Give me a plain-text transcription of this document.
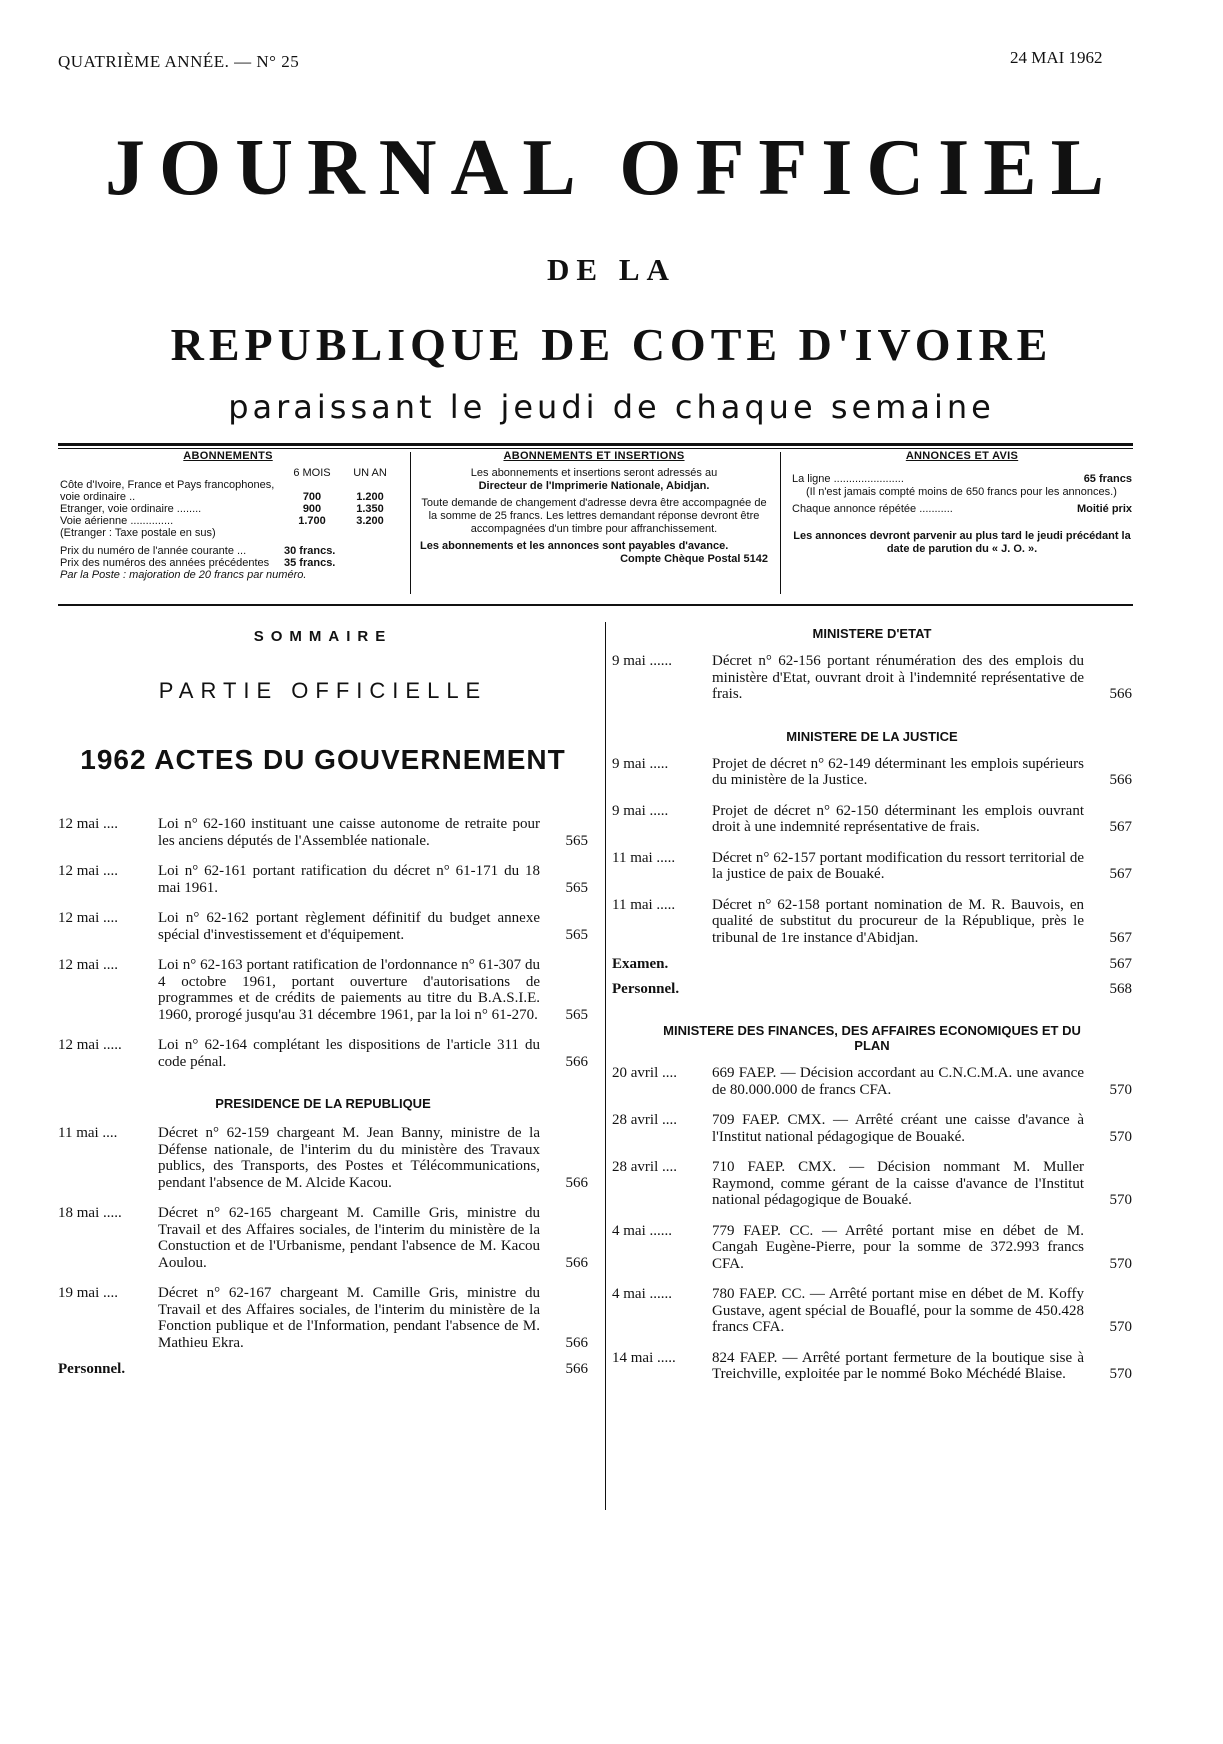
QUATRIÈME ANNÉE. — N° 25	24 MAI 1962
JOURNAL OFFICIEL
DE LA
REPUBLIQUE DE COTE D'IVOIRE
paraissant le jeudi de chaque semaine
ABONNEMENTS
	6 MOIS	UN AN
Côte d'Ivoire, France et Pays francophones, voie ordinaire ..	700	1.200
Etranger, voie ordinaire ........	900	1.350
Voie aérienne ..............	1.700	3.200
(Etranger : Taxe postale en sus)		

Prix du numéro de l'année courante ...	30 francs.	
Prix des numéros des années précédentes	35 francs.	
Par la Poste : majoration de 20 francs par numéro.		
ABONNEMENTS ET INSERTIONS

Les abonnements et insertions seront adressés au

Directeur de l'Imprimerie Nationale, Abidjan.

Toute demande de changement d'adresse devra être accompagnée de la somme de 25 francs. Les lettres demandant réponse devront être accompagnées d'un timbre pour affranchissement.

Les abonnements et les annonces sont payables d'avance.

Compte Chèque Postal 5142

ANNONCES ET AVIS
La ligne .......................	65 francs

(Il n'est jamais compté moins de 650 francs pour les annonces.)

Chaque annonce répétée ...........	Moitié prix

Les annonces devront parvenir au plus tard le jeudi précédant la date de parution du « J. O. ».

SOMMAIRE
PARTIE OFFICIELLE
1962 ACTES DU GOUVERNEMENT
12 mai ....	Loi n° 62-160 instituant une caisse autonome de retraite pour les anciens députés de l'Assemblée nationale.	565
12 mai ....	Loi n° 62-161 portant ratification du décret n° 61-171 du 18 mai 1961.	565
12 mai ....	Loi n° 62-162 portant règlement définitif du budget annexe spécial d'investissement et d'équipement.	565
12 mai ....	Loi n° 62-163 portant ratification de l'ordonnance n° 61-307 du 4 octobre 1961, portant ouverture d'autorisations de programmes et de crédits de paiements au titre du B.A.S.I.E. 1960, prorogé jusqu'au 31 décembre 1961, par la loi n° 61-270.	565
12 mai .....	Loi n° 62-164 complétant les dispositions de l'article 311 du code pénal.	566
PRESIDENCE DE LA REPUBLIQUE
11 mai ....	Décret n° 62-159 chargeant M. Jean Banny, ministre de la Défense nationale, de l'interim du du ministère des Travaux publics, des Transports, des Postes et Télécommunications, pendant l'absence de M. Alcide Kacou.	566
18 mai .....	Décret n° 62-165 chargeant M. Camille Gris, ministre du Travail et des Affaires sociales, de l'interim du ministère de la Constuction et de l'Urbanisme, pendant l'absence de M. Kacou Aoulou.	566
19 mai ....	Décret n° 62-167 chargeant M. Camille Gris, ministre du Travail et des Affaires sociales, de l'interim du ministère de la Fonction publique et de l'Information, pendant l'absence de M. Mathieu Ekra.	566
Personnel.	566
MINISTERE D'ETAT
9 mai ......	Décret n° 62-156 portant rénumération des des emplois du ministère d'Etat, ouvrant droit à l'indemnité représentative de frais.	566
MINISTERE DE LA JUSTICE
9 mai .....	Projet de décret n° 62-149 déterminant les emplois supérieurs du ministère de la Justice.	566
9 mai .....	Projet de décret n° 62-150 déterminant les emplois ouvrant droit à une indemnité représentative de frais.	567
11 mai .....	Décret n° 62-157 portant modification du ressort territorial de la justice de paix de Bouaké.	567
11 mai .....	Décret n° 62-158 portant nomination de M. R. Bauvois, en qualité de substitut du procureur de la République, près le tribunal de 1re instance d'Abidjan.	567
Examen.	567
Personnel.	568
MINISTERE DES FINANCES, DES AFFAIRES ECONOMIQUES ET DU PLAN
20 avril ....	669 FAEP. — Décision accordant au C.N.C.M.A. une avance de 80.000.000 de francs CFA.	570
28 avril ....	709 FAEP. CMX. — Arrêté créant une caisse d'avance à l'Institut national pédagogique de Bouaké.	570
28 avril ....	710 FAEP. CMX. — Décision nommant M. Muller Raymond, comme gérant de la caisse d'avance de l'Institut national pédagogique de Bouaké.	570
4 mai ......	779 FAEP. CC. — Arrêté portant mise en débet de M. Cangah Eugène-Pierre, pour la somme de 372.993 francs CFA.	570
4 mai ......	780 FAEP. CC. — Arrêté portant mise en débet de M. Koffy Gustave, agent spécial de Bouaflé, pour la somme de 450.428 francs CFA.	570
14 mai .....	824 FAEP. — Arrêté portant fermeture de la boutique sise à Treichville, exploitée par le nommé Boko Méchédé Blaise.	570
